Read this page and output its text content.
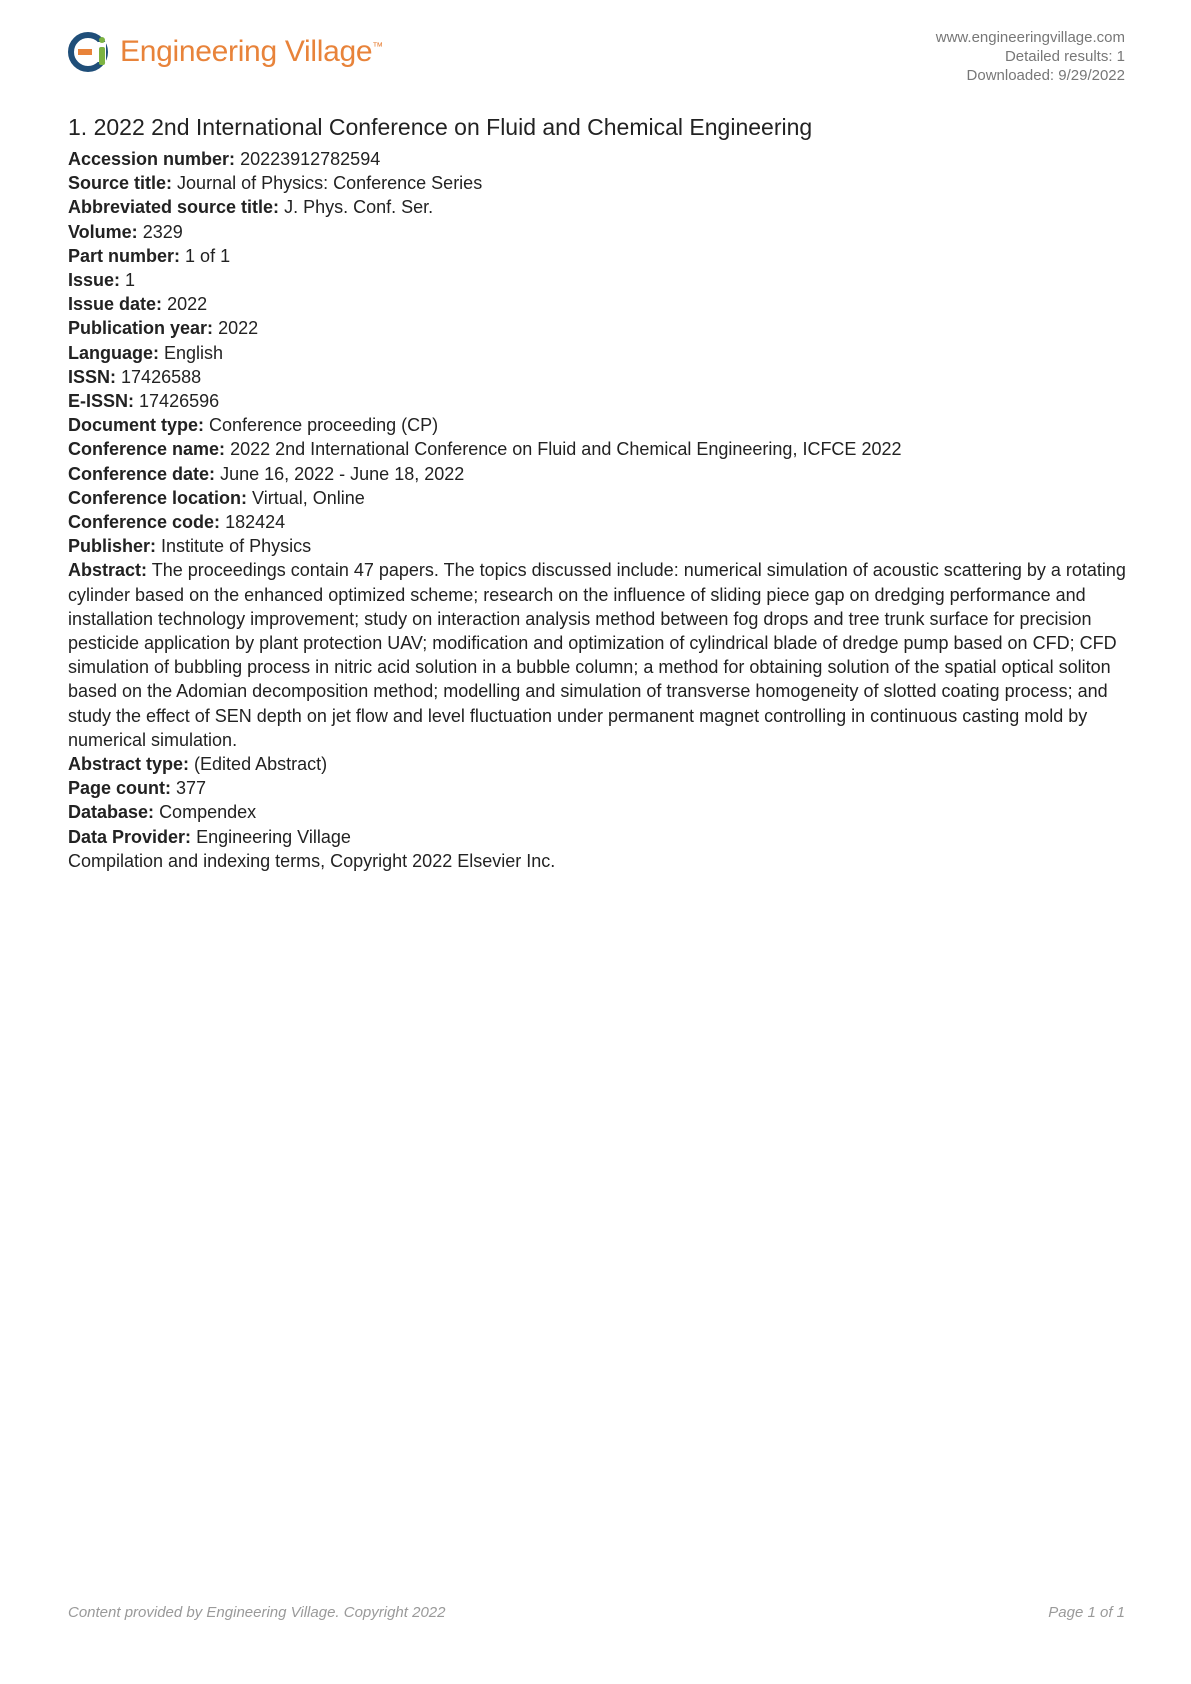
Engineering Village™
www.engineeringvillage.com
Detailed results: 1
Downloaded: 9/29/2022
1. 2022 2nd International Conference on Fluid and Chemical Engineering
Accession number: 20223912782594
Source title: Journal of Physics: Conference Series
Abbreviated source title: J. Phys. Conf. Ser.
Volume: 2329
Part number: 1 of 1
Issue: 1
Issue date: 2022
Publication year: 2022
Language: English
ISSN: 17426588
E-ISSN: 17426596
Document type: Conference proceeding (CP)
Conference name: 2022 2nd International Conference on Fluid and Chemical Engineering, ICFCE 2022
Conference date: June 16, 2022 - June 18, 2022
Conference location: Virtual, Online
Conference code: 182424
Publisher: Institute of Physics
Abstract: The proceedings contain 47 papers. The topics discussed include: numerical simulation of acoustic scattering by a rotating cylinder based on the enhanced optimized scheme; research on the influence of sliding piece gap on dredging performance and installation technology improvement; study on interaction analysis method between fog drops and tree trunk surface for precision pesticide application by plant protection UAV; modification and optimization of cylindrical blade of dredge pump based on CFD; CFD simulation of bubbling process in nitric acid solution in a bubble column; a method for obtaining solution of the spatial optical soliton based on the Adomian decomposition method; modelling and simulation of transverse homogeneity of slotted coating process; and study the effect of SEN depth on jet flow and level fluctuation under permanent magnet controlling in continuous casting mold by numerical simulation.
Abstract type: (Edited Abstract)
Page count: 377
Database: Compendex
Data Provider: Engineering Village
Compilation and indexing terms, Copyright 2022 Elsevier Inc.
Content provided by Engineering Village. Copyright 2022	Page 1 of 1
